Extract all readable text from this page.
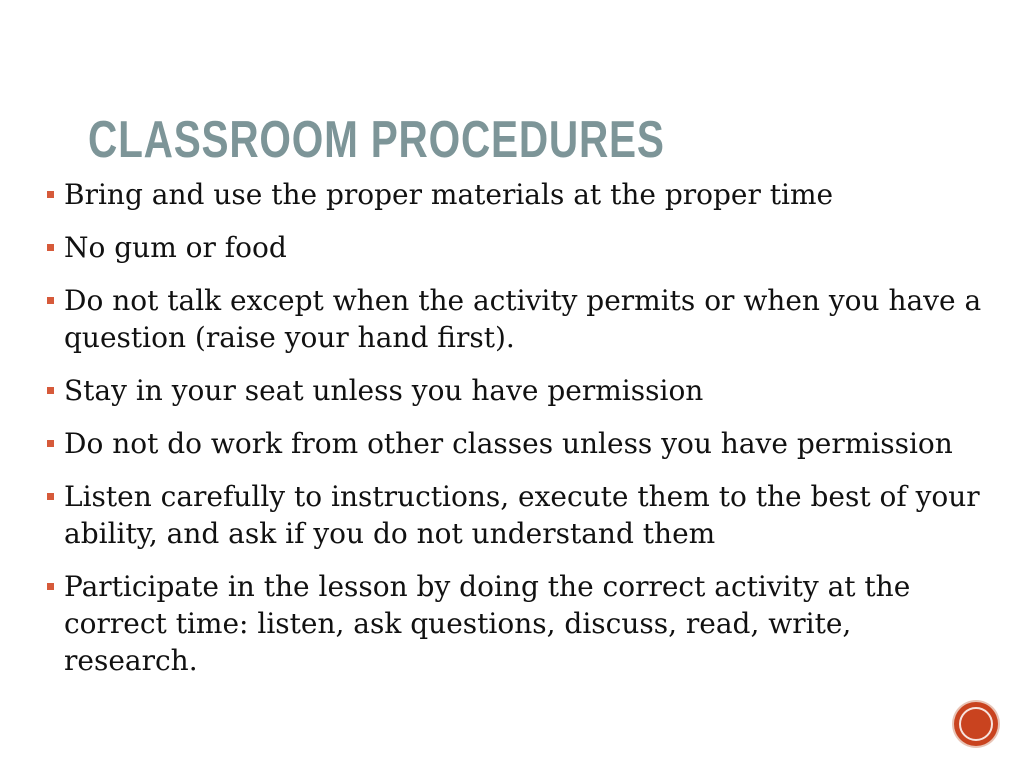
CLASSROOM PROCEDURES
Bring and use the proper materials at the proper time
No gum or food
Do not talk except when the activity permits or when you have a question (raise your hand first).
Stay in your seat unless you have permission
Do not do work from other classes unless you have permission
Listen carefully to instructions, execute them to the best of your ability, and ask if you do not understand them
Participate in the lesson by doing the correct activity at the correct time: listen, ask questions, discuss, read, write, research.
